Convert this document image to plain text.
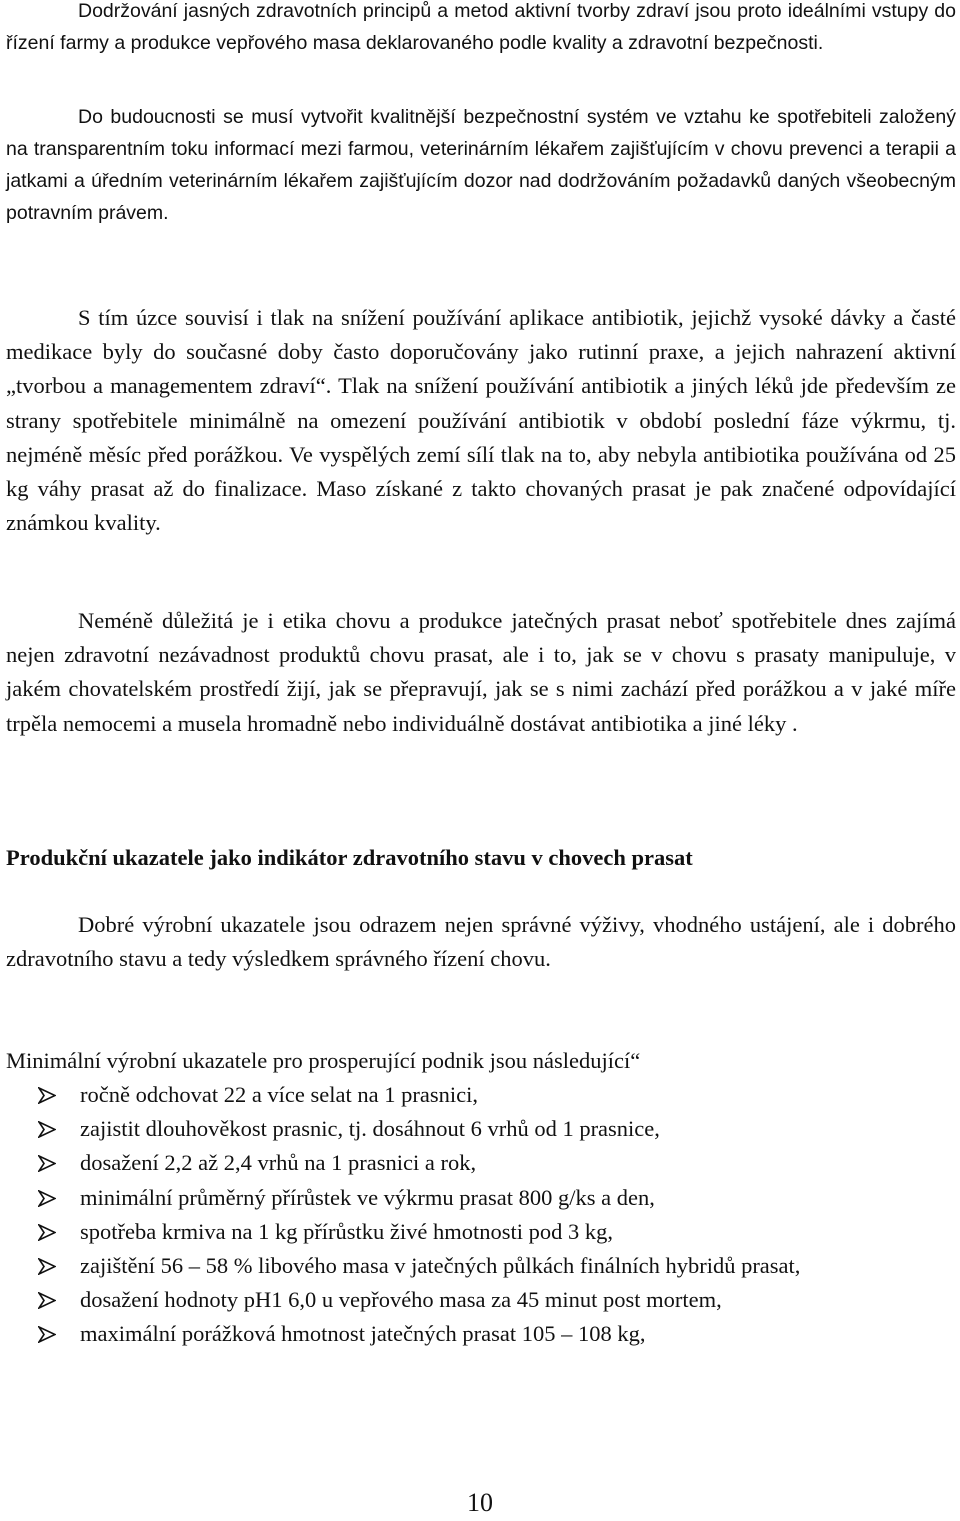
Dodržování jasných zdravotních principů a metod aktivní tvorby zdraví jsou proto ideálními vstupy do řízení farmy a produkce vepřového masa deklarovaného podle kvality a zdravotní bezpečnosti.

Do budoucnosti se musí vytvořit kvalitnější bezpečnostní systém ve vztahu ke spotřebiteli založený na transparentním toku informací mezi farmou, veterinárním lékařem zajišťujícím v chovu prevenci a terapii a jatkami a úředním veterinárním lékařem zajišťujícím dozor nad dodržováním požadavků daných všeobecným potravním právem.

S tím úzce souvisí i tlak na snížení používání aplikace antibiotik, jejichž vysoké dávky a časté medikace byly do současné doby často doporučovány jako rutinní praxe, a jejich nahrazení aktivní „tvorbou a managementem zdraví“. Tlak na snížení používání antibiotik a jiných léků jde především ze strany spotřebitele minimálně na omezení používání antibiotik v období poslední fáze výkrmu, tj. nejméně měsíc před porážkou. Ve vyspělých zemí sílí tlak na to, aby nebyla antibiotika používána od 25 kg váhy prasat až do finalizace. Maso získané z takto chovaných prasat je pak značené odpovídající známkou kvality.

Neméně důležitá je i etika chovu a produkce jatečných prasat neboť spotřebitele dnes zajímá nejen zdravotní nezávadnost produktů chovu prasat, ale i to, jak se v chovu s prasaty manipuluje, v jakém chovatelském prostředí žijí, jak se přepravují, jak se s nimi zachází před porážkou a v jaké míře trpěla nemocemi a musela hromadně nebo individuálně dostávat antibiotika a jiné léky .

Produkční ukazatele jako indikátor zdravotního stavu v chovech prasat

Dobré výrobní ukazatele jsou odrazem nejen správné výživy, vhodného ustájení, ale i dobrého zdravotního stavu a tedy výsledkem správného řízení chovu.

Minimální výrobní ukazatele pro prosperující podnik jsou následující“

ročně odchovat 22 a více selat na 1 prasnici,
zajistit dlouhověkost prasnic, tj. dosáhnout 6 vrhů od 1 prasnice,
dosažení 2,2 až 2,4 vrhů na 1 prasnici a rok,
minimální průměrný přírůstek ve výkrmu prasat 800 g/ks a den,
spotřeba krmiva na 1 kg přírůstku živé hmotnosti pod 3 kg,
zajištění 56 – 58 % libového masa v jatečných půlkách finálních hybridů prasat,
dosažení hodnoty pH1 6,0 u vepřového masa za 45 minut post mortem,
maximální porážková hmotnost jatečných prasat 105 – 108 kg,
10
